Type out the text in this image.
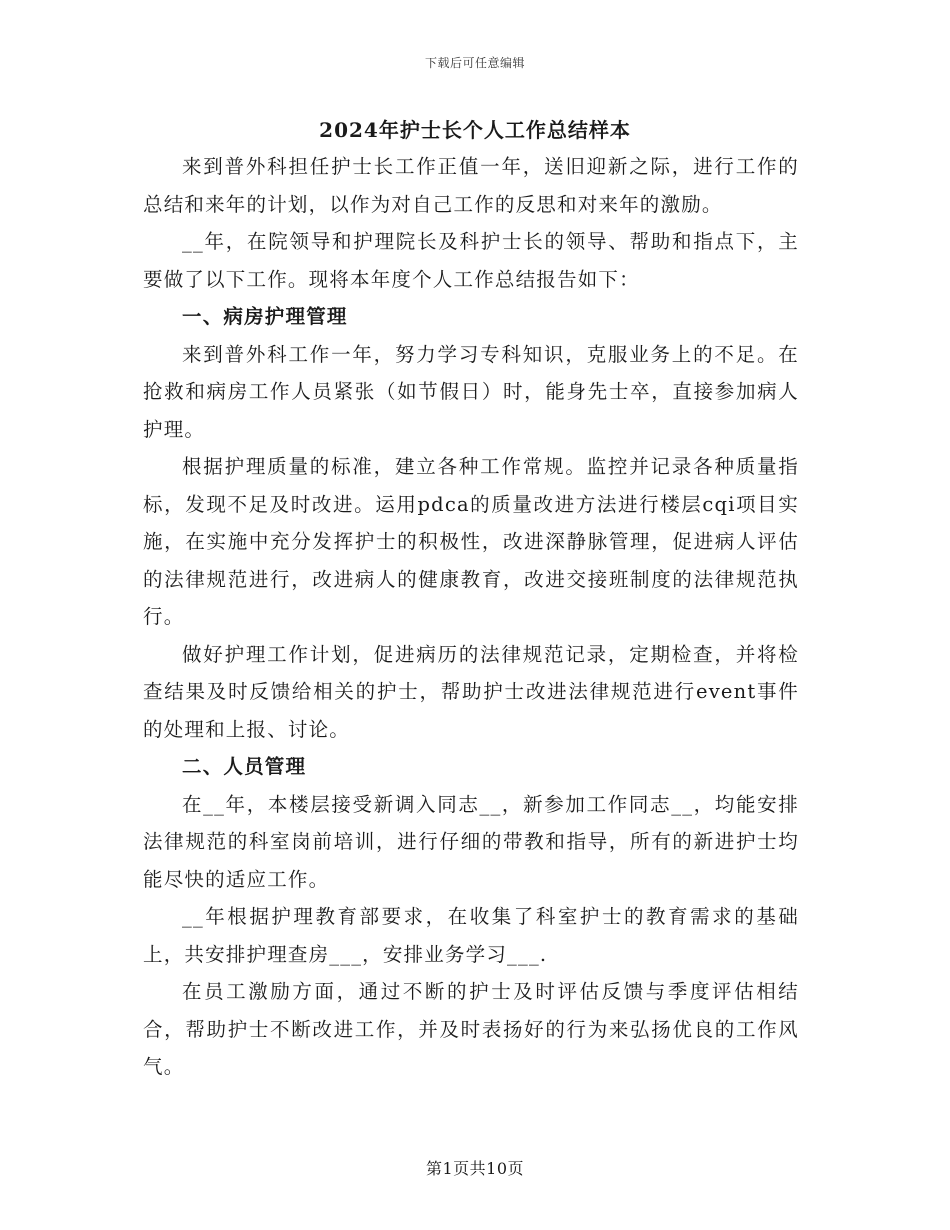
下载后可任意编辑
2024年护士长个人工作总结样本

来到普外科担任护士长工作正值一年，送旧迎新之际，进行工作的总结和来年的计划，以作为对自己工作的反思和对来年的激励。

__年，在院领导和护理院长及科护士长的领导、帮助和指点下，主要做了以下工作。现将本年度个人工作总结报告如下：

一、病房护理管理

来到普外科工作一年，努力学习专科知识，克服业务上的不足。在抢救和病房工作人员紧张（如节假日）时，能身先士卒，直接参加病人护理。

根据护理质量的标准，建立各种工作常规。监控并记录各种质量指标，发现不足及时改进。运用pdca的质量改进方法进行楼层cqi项目实施，在实施中充分发挥护士的积极性，改进深静脉管理，促进病人评估的法律规范进行，改进病人的健康教育，改进交接班制度的法律规范执行。

做好护理工作计划，促进病历的法律规范记录，定期检查，并将检查结果及时反馈给相关的护士，帮助护士改进法律规范进行event事件的处理和上报、讨论。

二、人员管理

在__年，本楼层接受新调入同志__，新参加工作同志__，均能安排法律规范的科室岗前培训，进行仔细的带教和指导，所有的新进护士均能尽快的适应工作。

__年根据护理教育部要求，在收集了科室护士的教育需求的基础上，共安排护理查房___，安排业务学习___.

在员工激励方面，通过不断的护士及时评估反馈与季度评估相结合，帮助护士不断改进工作，并及时表扬好的行为来弘扬优良的工作风气。

第1页共10页
